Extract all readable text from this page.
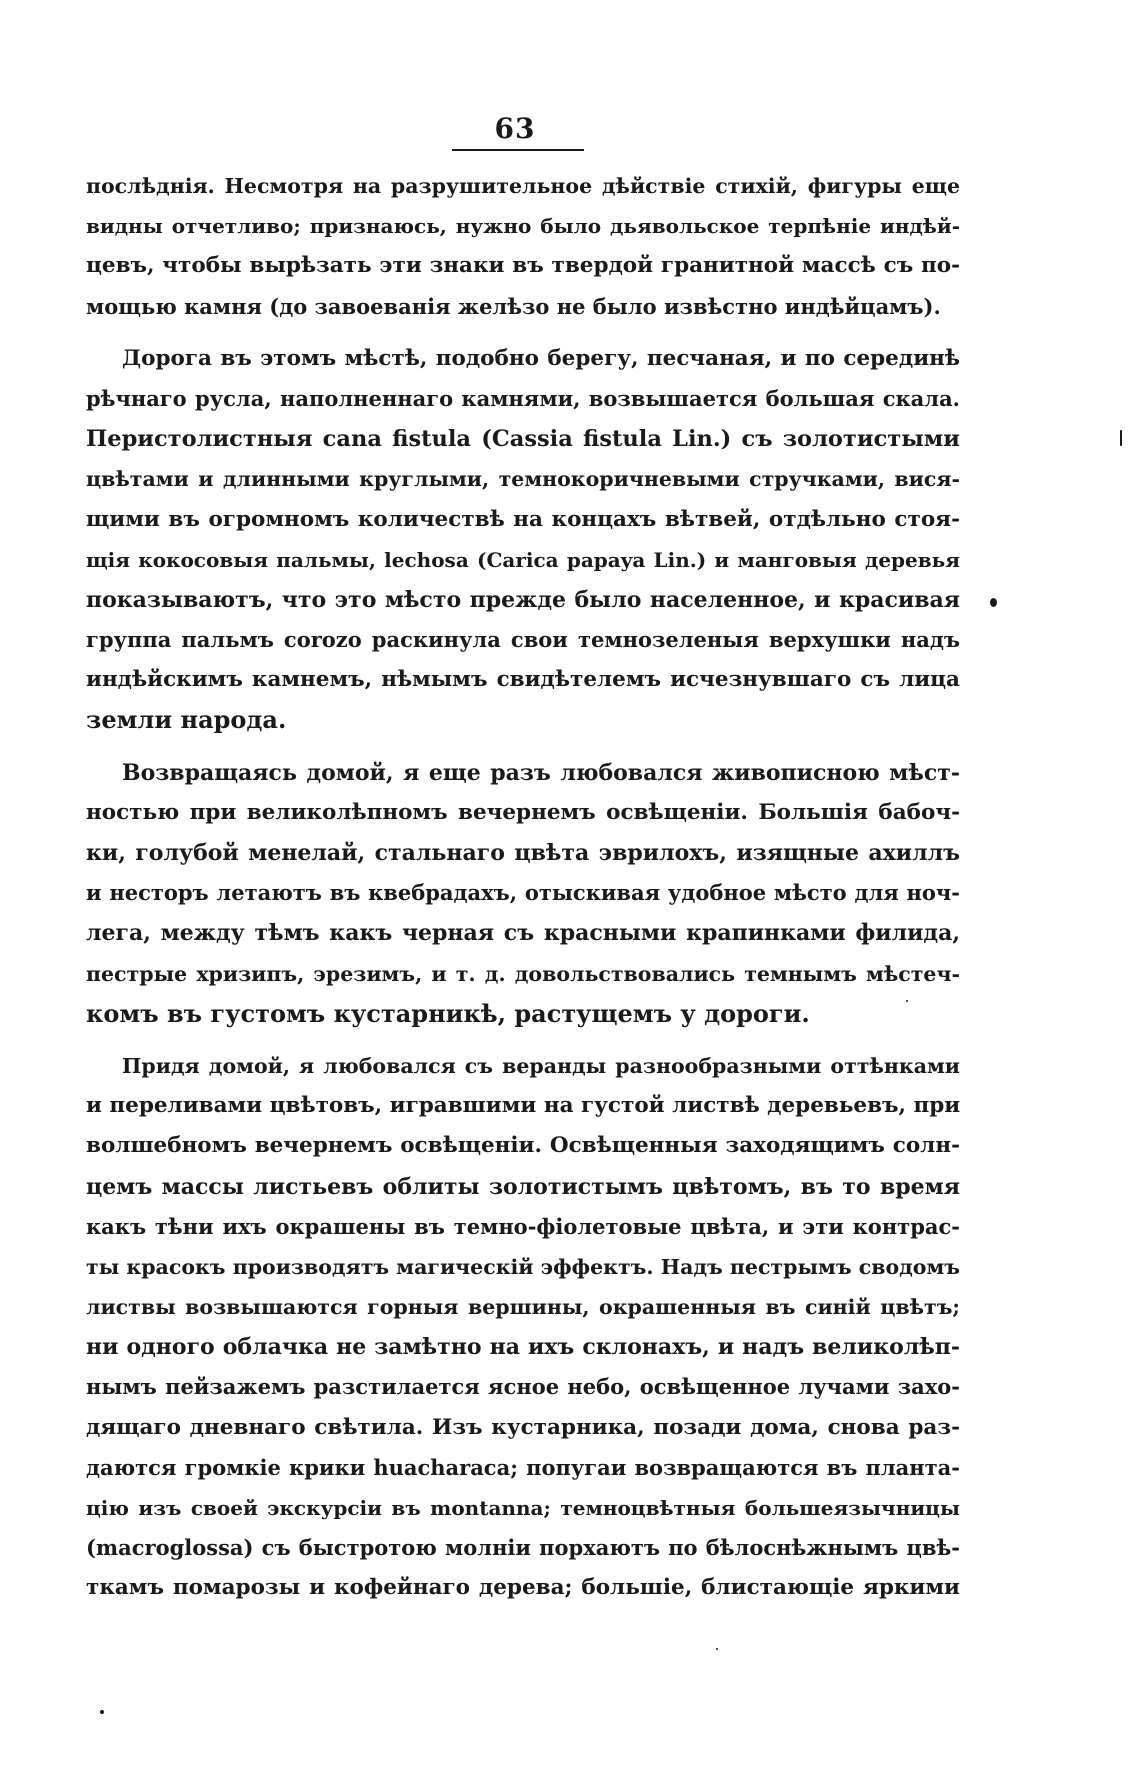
63
послѣднія. Несмотря на разрушительное дѣйствіе стихій, фигуры еще
видны отчетливо; признаюсь, нужно было дьявольское терпѣніе индѣй-
цевъ, чтобы вырѣзать эти знаки въ твердой гранитной массѣ съ по-
мощью камня (до завоеванія желѣзо не было извѣстно индѣйцамъ).
Дорога въ этомъ мѣстѣ, подобно берегу, песчаная, и по серединѣ
рѣчнаго русла, наполненнаго камнями, возвышается большая скала.
Перистолистныя cana fistula (Cassia fistula Lin.) съ золотистыми
цвѣтами и длинными круглыми, темнокоричневыми стручками, вися-
щими въ огромномъ количествѣ на концахъ вѣтвей, отдѣльно стоя-
щія кокосовыя пальмы, lechosa (Carica papaya Lin.) и манговыя деревья
показываютъ, что это мѣсто прежде было населенное, и красивая
группа пальмъ corozo раскинула свои темнозеленыя верхушки надъ
индѣйскимъ камнемъ, нѣмымъ свидѣтелемъ исчезнувшаго съ лица
земли народа.
Возвращаясь домой, я еще разъ любовался живописною мѣст-
ностью при великолѣпномъ вечернемъ освѣщеніи. Большія бабоч-
ки, голубой менелай, стальнаго цвѣта эврилохъ, изящные ахиллъ
и несторъ летаютъ въ квебрадахъ, отыскивая удобное мѣсто для ноч-
лега, между тѣмъ какъ черная съ красными крапинками филида,
пестрые хризипъ, эрезимъ, и т. д. довольствовались темнымъ мѣстеч-
комъ въ густомъ кустарникѣ, растущемъ у дороги.
Придя домой, я любовался съ веранды разнообразными оттѣнками
и переливами цвѣтовъ, игравшими на густой листвѣ деревьевъ, при
волшебномъ вечернемъ освѣщеніи. Освѣщенныя заходящимъ солн-
цемъ массы листьевъ облиты золотистымъ цвѣтомъ, въ то время
какъ тѣни ихъ окрашены въ темно-фіолетовые цвѣта, и эти контрас-
ты красокъ производятъ магическій эффектъ. Надъ пестрымъ сводомъ
листвы возвышаются горныя вершины, окрашенныя въ синій цвѣтъ;
ни одного облачка не замѣтно на ихъ склонахъ, и надъ великолѣп-
нымъ пейзажемъ разстилается ясное небо, освѣщенное лучами захо-
дящаго дневнаго свѣтила. Изъ кустарника, позади дома, снова раз-
даются громкіе крики huacharaca; попугаи возвращаются въ планта-
цію изъ своей экскурсіи въ montanna; темноцвѣтныя большеязычницы
(macroglossa) съ быстротою молніи порхаютъ по бѣлоснѣжнымъ цвѣ-
ткамъ помарозы и кофейнаго дерева; большіе, блистающіе яркими
